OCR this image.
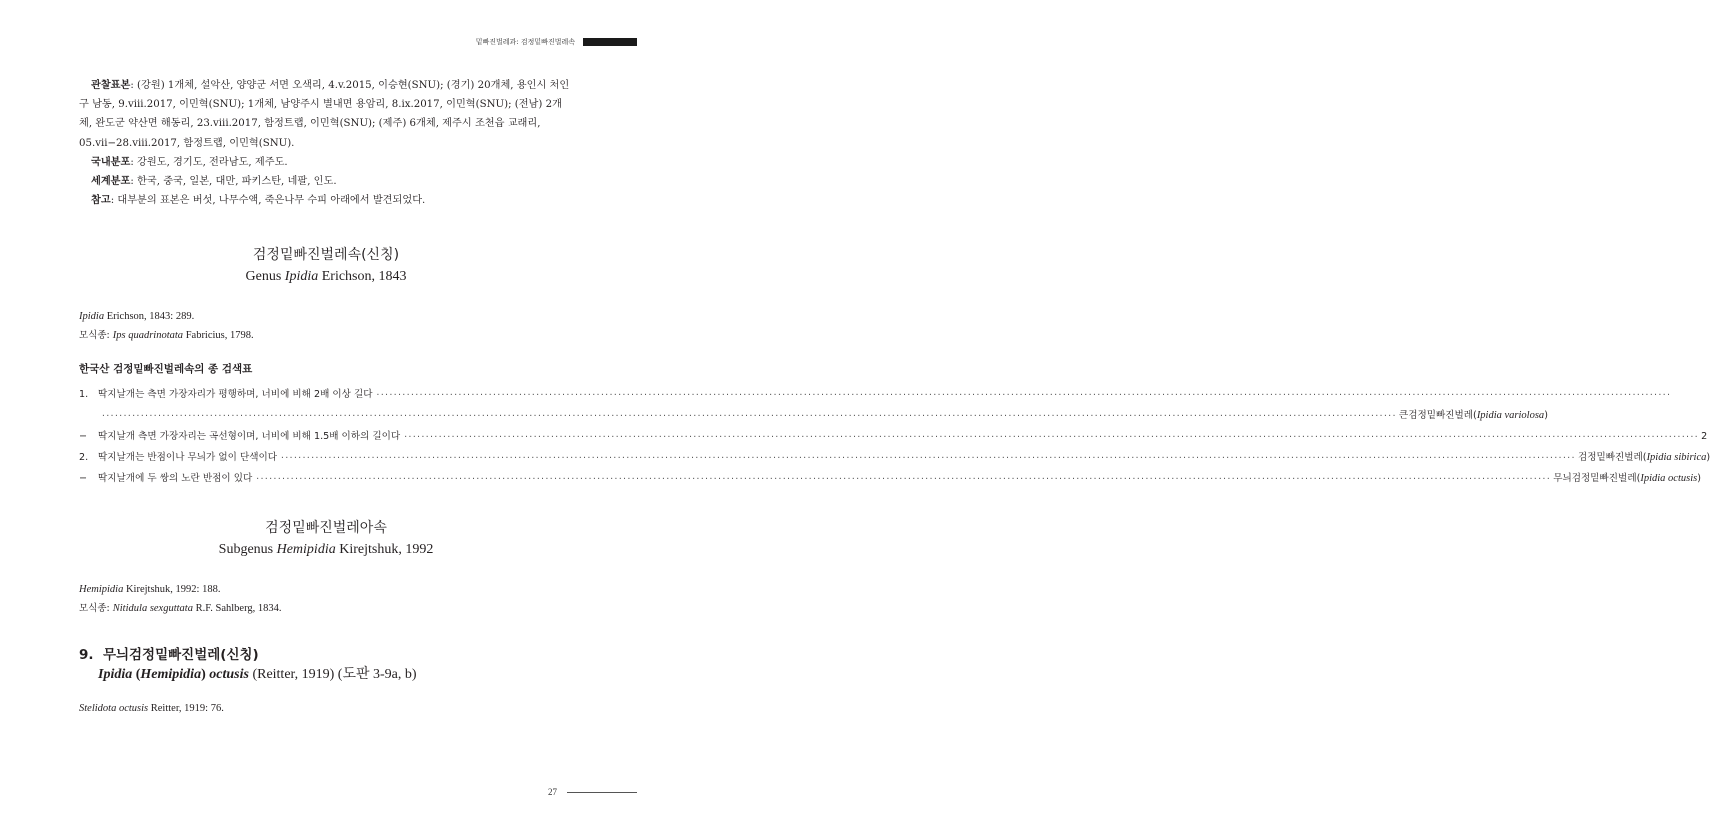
밑빠진벌레과: 검정밑빠진벌레속

관찰표본: (강원) 1개체, 설악산, 양양군 서면 오색리, 4.v.2015, 이승현(SNU); (경기) 20개체, 용인시 처인구 남동, 9.viii.2017, 이민혁(SNU); 1개체, 남양주시 별내면 용암리, 8.ix.2017, 이민혁(SNU); (전남) 2개체, 완도군 약산면 해동리, 23.viii.2017, 함정트랩, 이민혁(SNU); (제주) 6개체, 제주시 조천읍 교래리, 05.vii−28.viii.2017, 함정트랩, 이민혁(SNU).

국내분포: 강원도, 경기도, 전라남도, 제주도.

세계분포: 한국, 중국, 일본, 대만, 파키스탄, 네팔, 인도.

참고: 대부분의 표본은 버섯, 나무수액, 죽은나무 수피 아래에서 발견되었다.

검정밑빠진벌레속(신칭)
Genus Ipidia Erichson, 1843

Ipidia Erichson, 1843: 289.

모식종: Ips quadrinotata Fabricius, 1798.

한국산 검정밑빠진벌레속의 종 검색표

1.	딱지날개는 측면 가장자리가 평행하며, 너비에 비해 2배 이상 길다 ············································································································································································································································································································
············································································································································································································································································································ 큰검정밑빠진벌레(Ipidia variolosa)
−	딱지날개 측면 가장자리는 곡선형이며, 너비에 비해 1.5배 이하의 길이다 ············································································································································································································································································································ 2
2.	딱지날개는 반점이나 무늬가 없이 단색이다 ············································································································································································································································································································ 검정밑빠진벌레(Ipidia sibirica)
−	딱지날개에 두 쌍의 노란 반점이 있다 ············································································································································································································································································································ 무늬검정밑빠진벌레(Ipidia octusis)
검정밑빠진벌레아속
Subgenus Hemipidia Kirejtshuk, 1992

Hemipidia Kirejtshuk, 1992: 188.

모식종: Nitidula sexguttata R.F. Sahlberg, 1834.

9. 무늬검정밑빠진벌레(신칭)

Ipidia (Hemipidia) octusis (Reitter, 1919) (도판 3-9a, b)

Stelidota octusis Reitter, 1919: 76.

27
